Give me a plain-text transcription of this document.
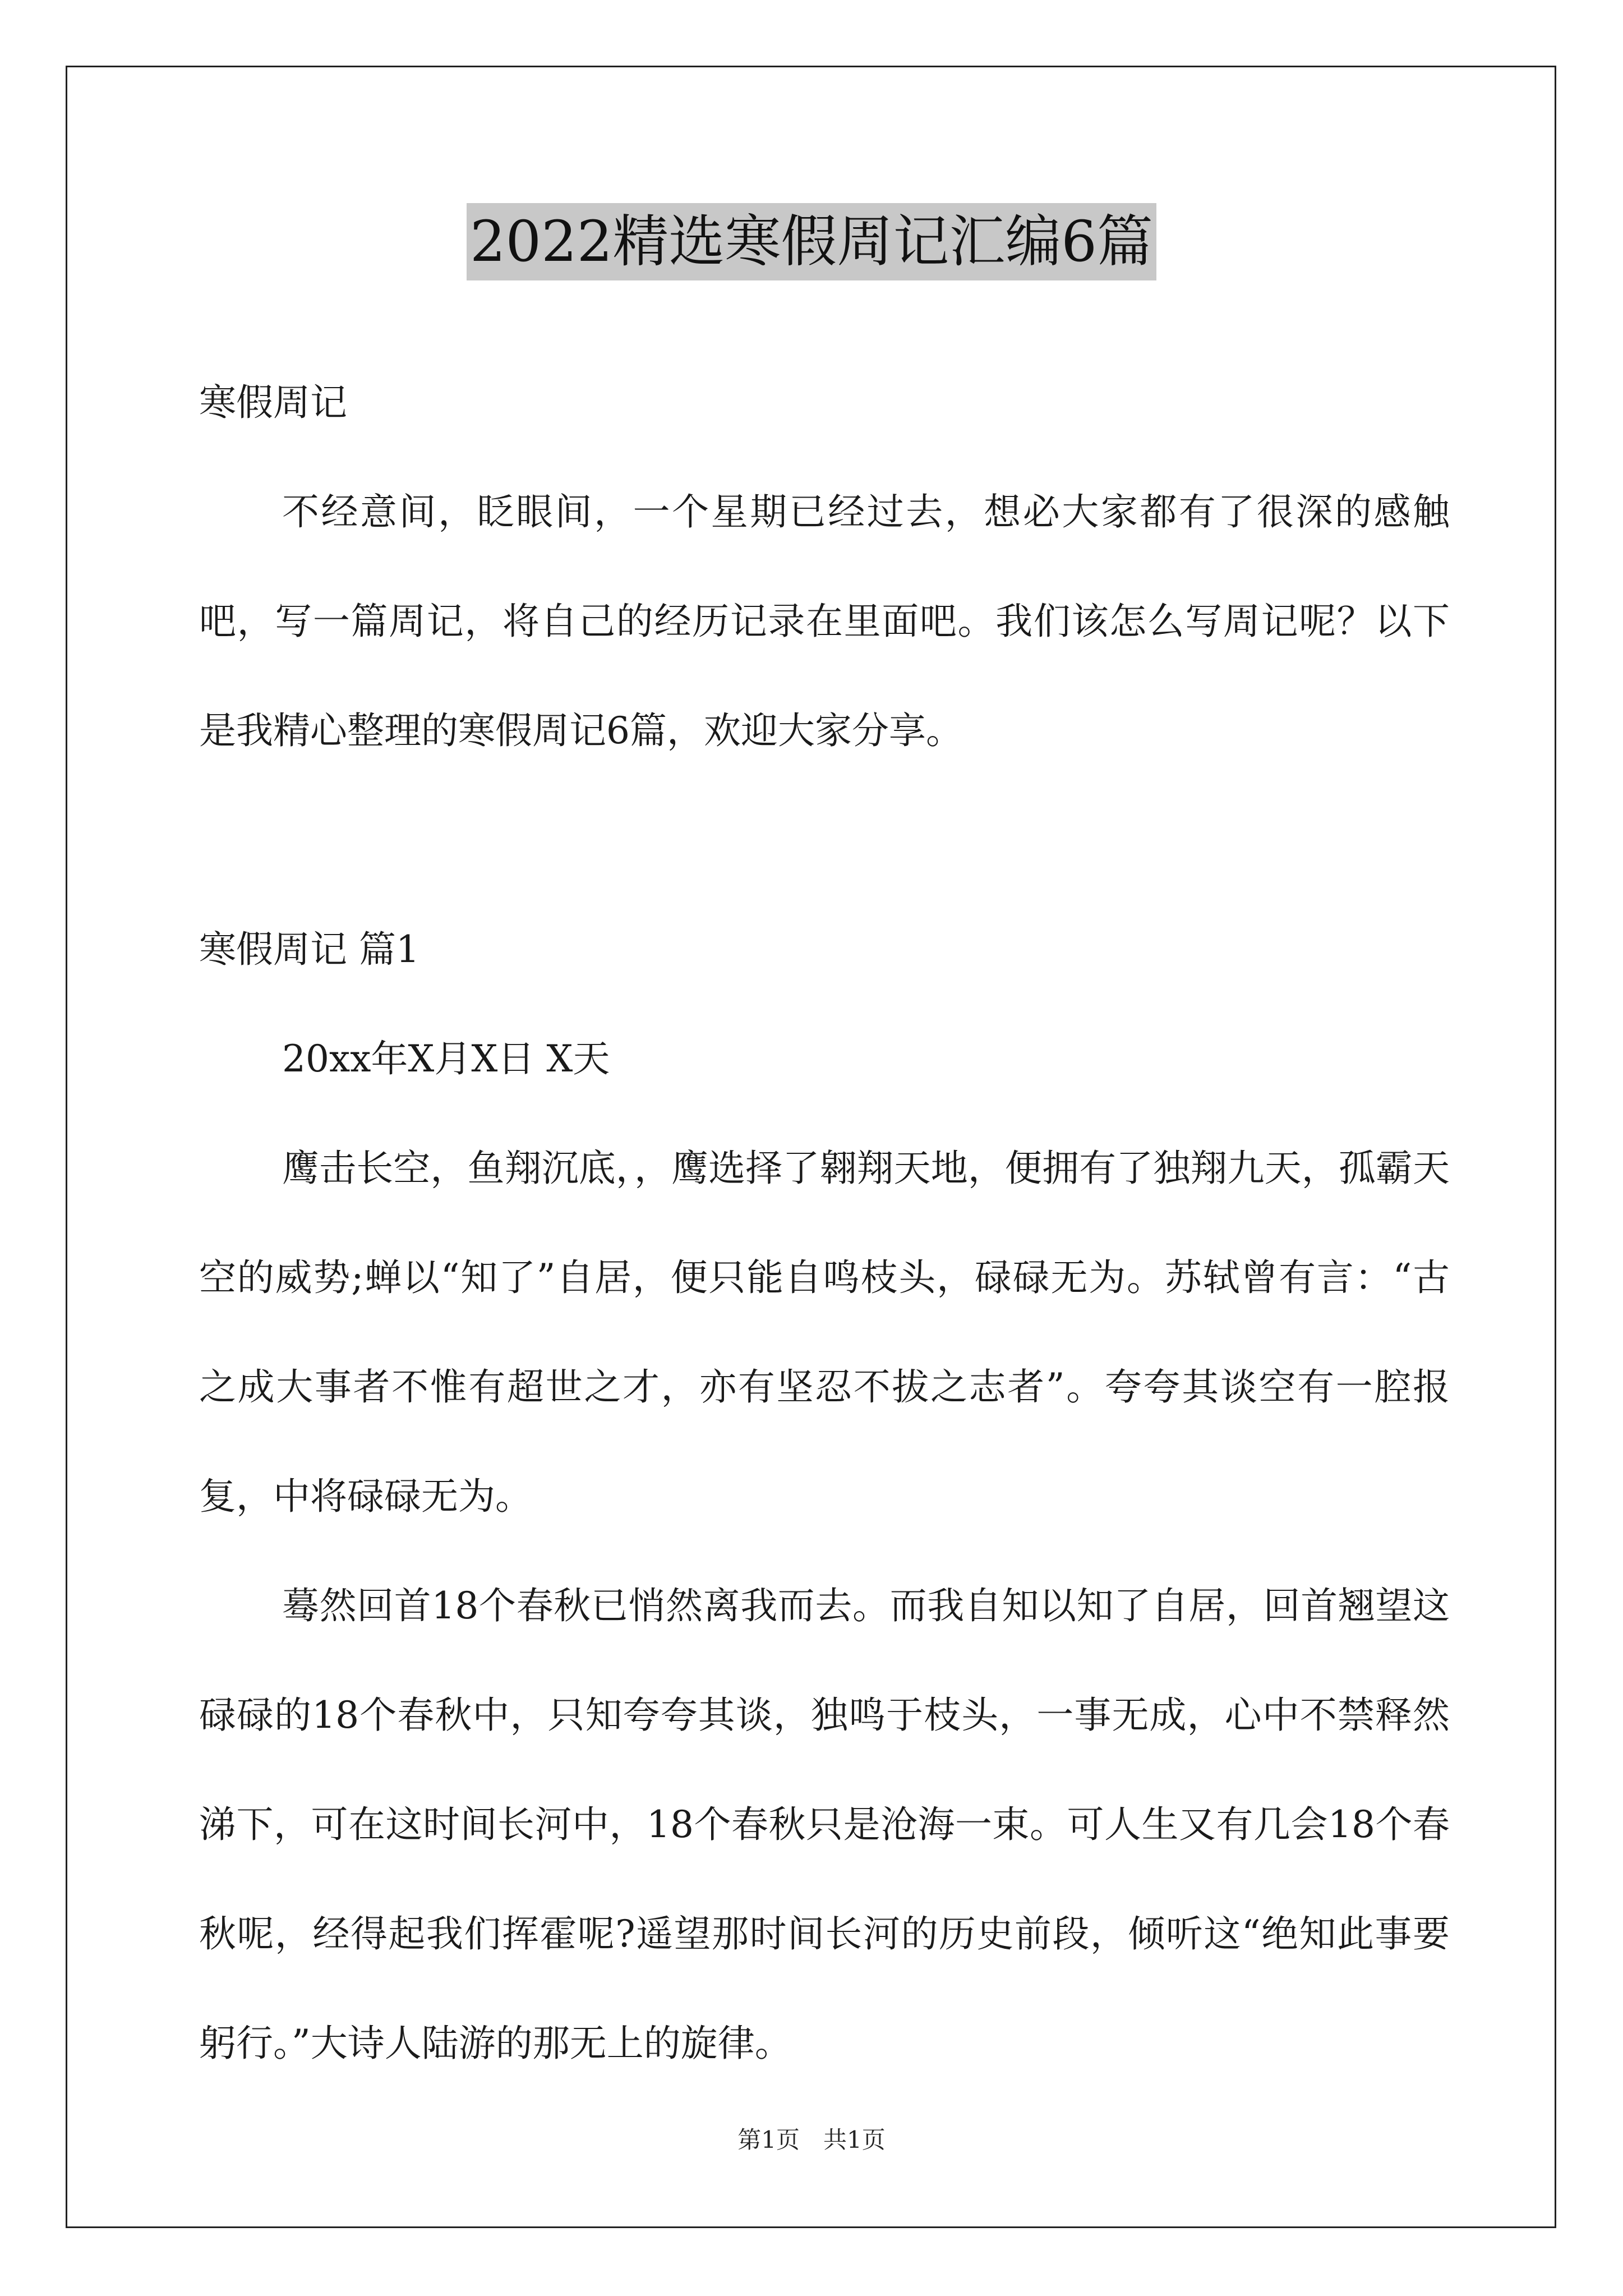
2022精选寒假周记汇编6篇

寒假周记

不经意间，眨眼间，一个星期已经过去，想必大家都有了很深的感触吧，写一篇周记，将自己的经历记录在里面吧。我们该怎么写周记呢？以下是我精心整理的寒假周记6篇，欢迎大家分享。

寒假周记 篇1

20xx年X月X日 X天

鹰击长空，鱼翔沉底，，鹰选择了翱翔天地，便拥有了独翔九天，孤霸天空的威势;蝉以“知了”自居，便只能自鸣枝头，碌碌无为。苏轼曾有言：“古之成大事者不惟有超世之才，亦有坚忍不拔之志者”。夸夸其谈空有一腔报复，中将碌碌无为。

蓦然回首18个春秋已悄然离我而去。而我自知以知了自居，回首翘望这碌碌的18个春秋中，只知夸夸其谈，独鸣于枝头，一事无成，心中不禁释然涕下，可在这时间长河中，18个春秋只是沧海一束。可人生又有几会18个春秋呢，经得起我们挥霍呢?遥望那时间长河的历史前段，倾听这“绝知此事要躬行。”大诗人陆游的那无上的旋律。

第1页 共1页
